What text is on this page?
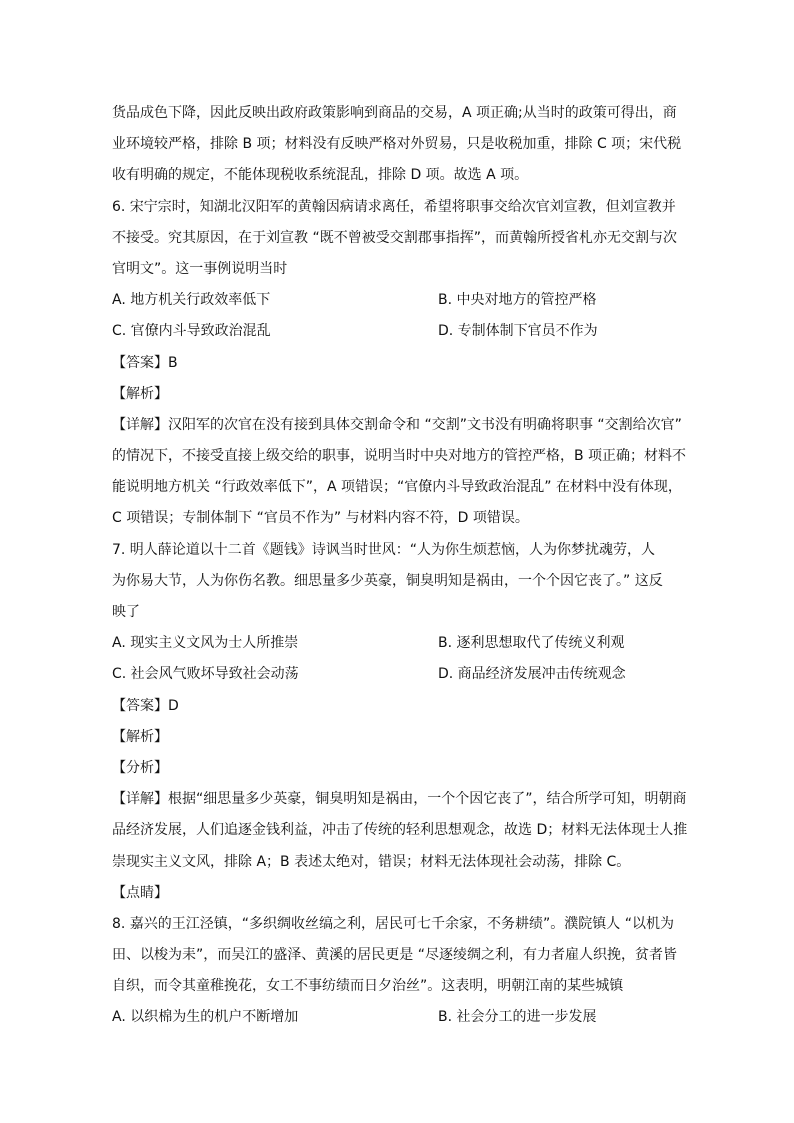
货品成色下降，因此反映出政府政策影响到商品的交易，A 项正确;从当时的政策可得出，商
业环境较严格，排除 B 项；材料没有反映严格对外贸易，只是收税加重，排除 C 项；宋代税
收有明确的规定，不能体现税收系统混乱，排除 D 项。故选 A 项。
6. 宋宁宗时，知湖北汉阳军的黄翰因病请求离任，希望将职事交给次官刘宣教，但刘宣教并
不接受。究其原因，在于刘宣教 “既不曾被受交割郡事指挥”，而黄翰所授省札亦无交割与次
官明文”。这一事例说明当时
A. 地方机关行政效率低下	B. 中央对地方的管控严格
C. 官僚内斗导致政治混乱	D. 专制体制下官员不作为
【答案】B
【解析】
【详解】汉阳军的次官在没有接到具体交割命令和 “交割”文书没有明确将职事 “交割给次官”
的情况下，不接受直接上级交给的职事，说明当时中央对地方的管控严格，B 项正确；材料不
能说明地方机关 “行政效率低下”，A 项错误；“官僚内斗导致政治混乱” 在材料中没有体现，
C 项错误；专制体制下 “官员不作为” 与材料内容不符，D 项错误。
7. 明人薛论道以十二首《题钱》诗讽当时世风：“人为你生烦惹恼，人为你梦扰魂劳，人
为你易大节，人为你伤名教。细思量多少英豪，铜臭明知是祸由，一个个因它丧了。” 这反
映了
A. 现实主义文风为士人所推崇	B. 逐利思想取代了传统义利观
C. 社会风气败坏导致社会动荡	D. 商品经济发展冲击传统观念
【答案】D
【解析】
【分析】
【详解】根据“细思量多少英豪，铜臭明知是祸由，一个个因它丧了”，结合所学可知，明朝商
品经济发展，人们追逐金钱利益，冲击了传统的轻利思想观念，故选 D；材料无法体现士人推
崇现实主义文风，排除 A；B 表述太绝对，错误；材料无法体现社会动荡，排除 C。
【点睛】
8. 嘉兴的王江泾镇，“多织绸收丝缟之利，居民可七千余家，不务耕绩”。濮院镇人 “以机为
田、以梭为耒”，而吴江的盛泽、黄溪的居民更是 “尽逐绫绸之利，有力者雇人织挽，贫者皆
自织，而令其童稚挽花，女工不事纺绩而日夕治丝”。这表明，明朝江南的某些城镇
A. 以织棉为生的机户不断增加	B. 社会分工的进一步发展
